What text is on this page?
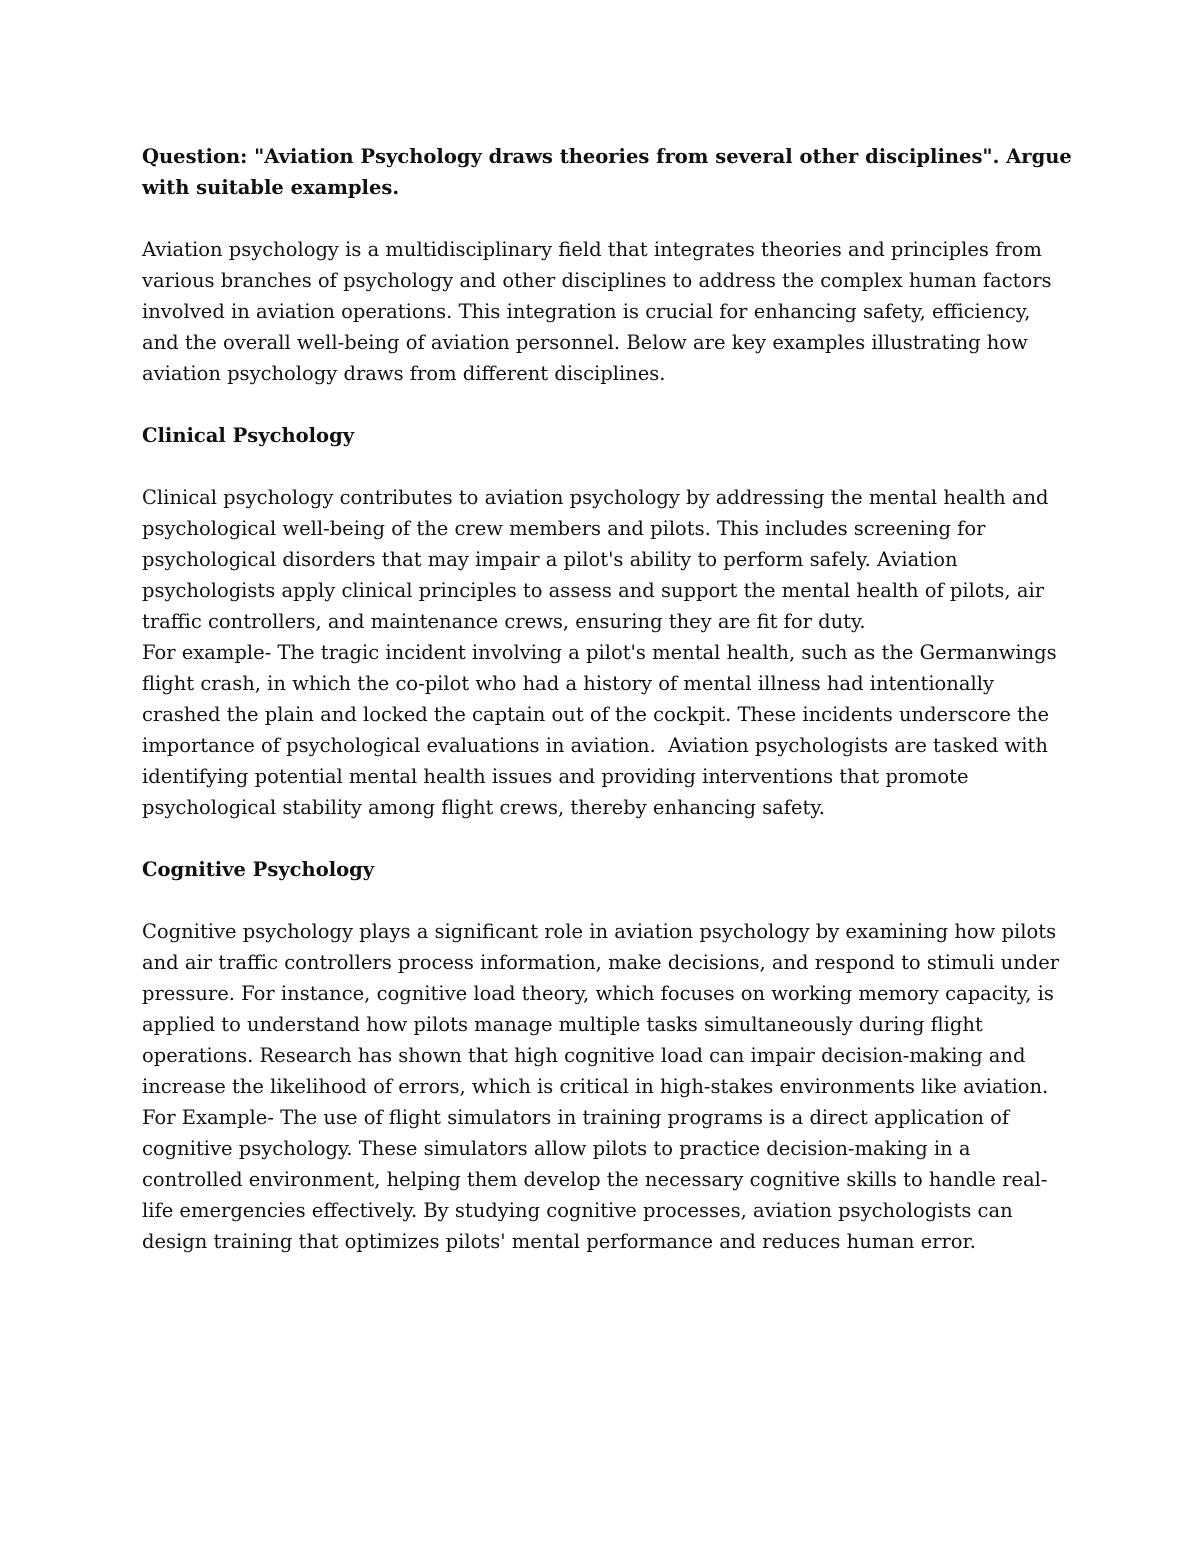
Question: "Aviation Psychology draws theories from several other disciplines". Argue with suitable examples.

Aviation psychology is a multidisciplinary field that integrates theories and principles from various branches of psychology and other disciplines to address the complex human factors involved in aviation operations. This integration is crucial for enhancing safety, efficiency, and the overall well-being of aviation personnel. Below are key examples illustrating how aviation psychology draws from different disciplines.

Clinical Psychology

Clinical psychology contributes to aviation psychology by addressing the mental health and psychological well-being of the crew members and pilots. This includes screening for psychological disorders that may impair a pilot's ability to perform safely. Aviation psychologists apply clinical principles to assess and support the mental health of pilots, air traffic controllers, and maintenance crews, ensuring they are fit for duty.

For example- The tragic incident involving a pilot's mental health, such as the Germanwings flight crash, in which the co-pilot who had a history of mental illness had intentionally crashed the plain and locked the captain out of the cockpit. These incidents underscore the importance of psychological evaluations in aviation.  Aviation psychologists are tasked with identifying potential mental health issues and providing interventions that promote psychological stability among flight crews, thereby enhancing safety.

Cognitive Psychology

Cognitive psychology plays a significant role in aviation psychology by examining how pilots and air traffic controllers process information, make decisions, and respond to stimuli under pressure. For instance, cognitive load theory, which focuses on working memory capacity, is applied to understand how pilots manage multiple tasks simultaneously during flight operations. Research has shown that high cognitive load can impair decision-making and increase the likelihood of errors, which is critical in high-stakes environments like aviation.

For Example- The use of flight simulators in training programs is a direct application of cognitive psychology. These simulators allow pilots to practice decision-making in a controlled environment, helping them develop the necessary cognitive skills to handle real-life emergencies effectively. By studying cognitive processes, aviation psychologists can design training that optimizes pilots' mental performance and reduces human error.
